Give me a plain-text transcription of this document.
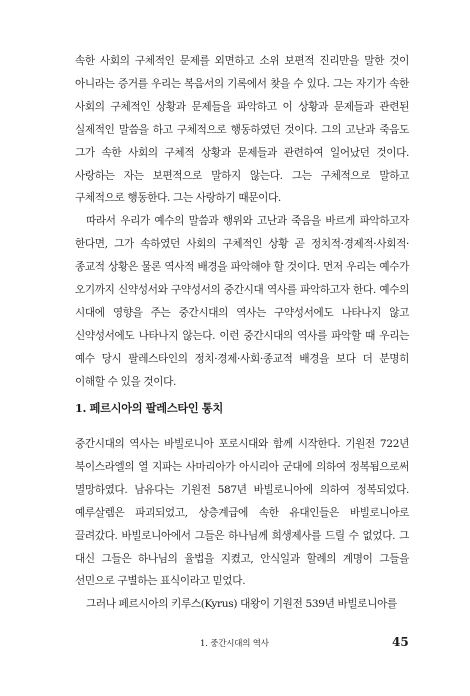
속한 사회의 구체적인 문제를 외면하고 소위 보편적 진리만을 말한 것이 아니라는 증거를 우리는 복음서의 기록에서 찾을 수 있다. 그는 자기가 속한 사회의 구체적인 상황과 문제들을 파악하고 이 상황과 문제들과 관련된 실제적인 말씀을 하고 구체적으로 행동하였던 것이다. 그의 고난과 죽음도 그가 속한 사회의 구체적 상황과 문제들과 관련하여 일어났던 것이다. 사랑하는 자는 보편적으로 말하지 않는다. 그는 구체적으로 말하고 구체적으로 행동한다. 그는 사랑하기 때문이다.

따라서 우리가 예수의 말씀과 행위와 고난과 죽음을 바르게 파악하고자 한다면, 그가 속하였던 사회의 구체적인 상황 곧 정치적·경제적·사회적·종교적 상황은 물론 역사적 배경을 파악해야 할 것이다. 먼저 우리는 예수가 오기까지 신약성서와 구약성서의 중간시대 역사를 파악하고자 한다. 예수의 시대에 영향을 주는 중간시대의 역사는 구약성서에도 나타나지 않고 신약성서에도 나타나지 않는다. 이런 중간시대의 역사를 파악할 때 우리는 예수 당시 팔레스타인의 정치·경제·사회·종교적 배경을 보다 더 분명히 이해할 수 있을 것이다.

1. 페르시아의 팔레스타인 통치

중간시대의 역사는 바빌로니아 포로시대와 함께 시작한다. 기원전 722년 북이스라엘의 열 지파는 사마리아가 아시리아 군대에 의하여 정복됨으로써 멸망하였다. 남유다는 기원전 587년 바빌로니아에 의하여 정복되었다. 예루살렘은 파괴되었고, 상층계급에 속한 유대인들은 바빌로니아로 끌려갔다. 바빌로니아에서 그들은 하나님께 희생제사를 드릴 수 없었다. 그 대신 그들은 하나님의 율법을 지켰고, 안식일과 할례의 계명이 그들을 선민으로 구별하는 표식이라고 믿었다.

그러나 페르시아의 키루스(Kyrus) 대왕이 기원전 539년 바빌로니아를

1. 중간시대의 역사	45
